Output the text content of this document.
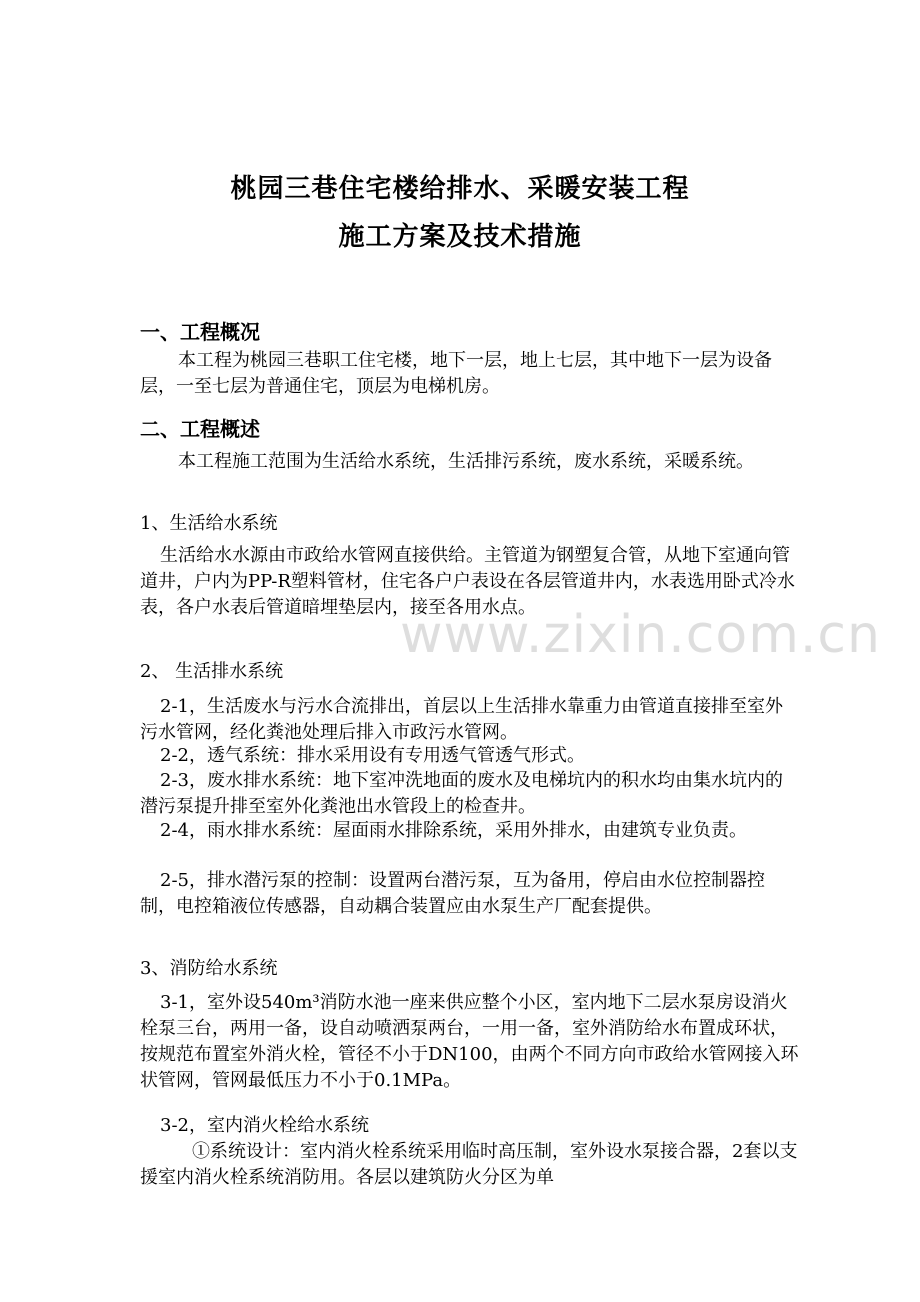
桃园三巷住宅楼给排水、采暖安装工程
施工方案及技术措施
一、工程概况

本工程为桃园三巷职工住宅楼，地下一层，地上七层，其中地下一层为设备层，一至七层为普通住宅，顶层为电梯机房。

二、工程概述

本工程施工范围为生活给水系统，生活排污系统，废水系统，采暖系统。

1、生活给水系统

生活给水水源由市政给水管网直接供给。主管道为钢塑复合管，从地下室通向管道井，户内为PP-R塑料管材，住宅各户户表设在各层管道井内，水表选用卧式冷水表，各户水表后管道暗埋垫层内，接至各用水点。

2、 生活排水系统

2-1，生活废水与污水合流排出，首层以上生活排水靠重力由管道直接排至室外污水管网，经化粪池处理后排入市政污水管网。

2-2，透气系统：排水采用设有专用透气管透气形式。

2-3，废水排水系统：地下室冲洗地面的废水及电梯坑内的积水均由集水坑内的潜污泵提升排至室外化粪池出水管段上的检查井。

2-4，雨水排水系统：屋面雨水排除系统，采用外排水，由建筑专业负责。

2-5，排水潜污泵的控制：设置两台潜污泵，互为备用，停启由水位控制器控制，电控箱液位传感器，自动耦合装置应由水泵生产厂配套提供。

3、消防给水系统

3-1，室外设540m³消防水池一座来供应整个小区，室内地下二层水泵房设消火栓泵三台，两用一备，设自动喷洒泵两台，一用一备，室外消防给水布置成环状，按规范布置室外消火栓，管径不小于DN100，由两个不同方向市政给水管网接入环状管网，管网最低压力不小于0.1MPa。

3-2，室内消火栓给水系统

①系统设计：室内消火栓系统采用临时高压制，室外设水泵接合器，2套以支援室内消火栓系统消防用。各层以建筑防火分区为单

www.zixin.com.cn
